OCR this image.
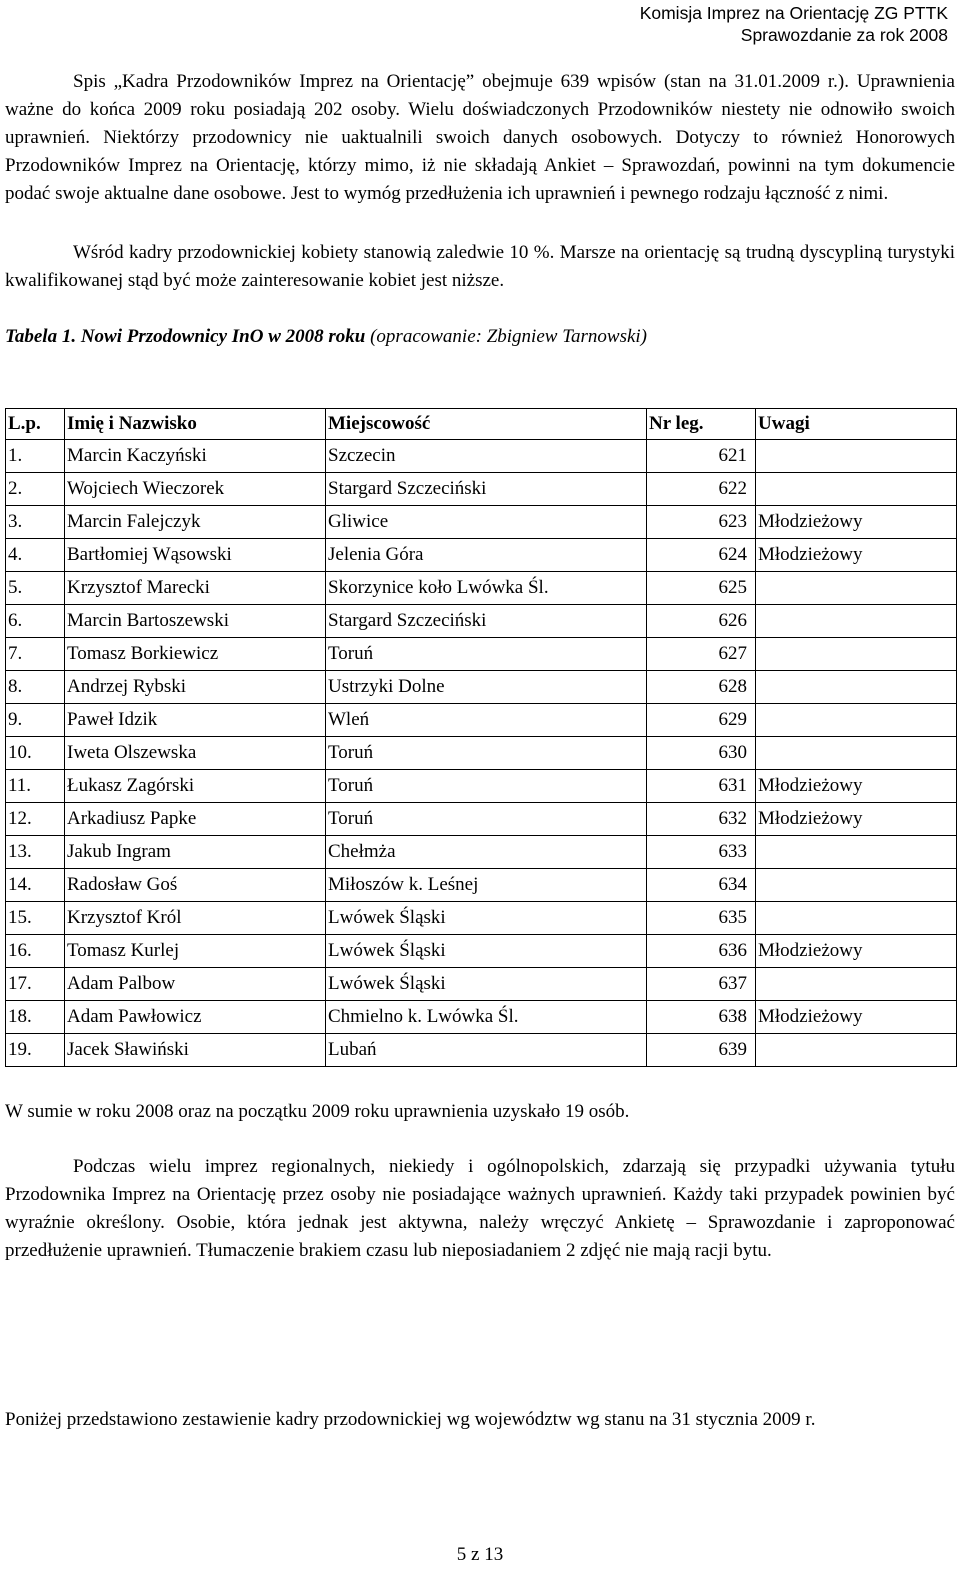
Komisja Imprez na Orientację ZG PTTK
Sprawozdanie za rok 2008

Spis „Kadra Przodowników Imprez na Orientację” obejmuje 639 wpisów (stan na 31.01.2009 r.). Uprawnienia ważne do końca 2009 roku posiadają 202 osoby. Wielu doświadczonych Przodowników niestety nie odnowiło swoich uprawnień. Niektórzy przodownicy nie uaktualnili swoich danych osobowych. Dotyczy to również Honorowych Przodowników Imprez na Orientację, którzy mimo, iż nie składają Ankiet – Sprawozdań, powinni na tym dokumencie podać swoje aktualne dane osobowe. Jest to wymóg przedłużenia ich uprawnień i pewnego rodzaju łączność z nimi.

Wśród kadry przodownickiej kobiety stanowią zaledwie 10 %. Marsze na orientację są trudną dyscypliną turystyki kwalifikowanej stąd być może zainteresowanie kobiet jest niższe.

Tabela 1. Nowi Przodownicy InO w 2008 roku (opracowanie: Zbigniew Tarnowski)
L.p.	Imię i Nazwisko	Miejscowość	Nr leg.	Uwagi
1.	Marcin Kaczyński	Szczecin	621	
2.	Wojciech Wieczorek	Stargard Szczeciński	622	
3.	Marcin Falejczyk	Gliwice	623	Młodzieżowy
4.	Bartłomiej Wąsowski	Jelenia Góra	624	Młodzieżowy
5.	Krzysztof Marecki	Skorzynice koło Lwówka Śl.	625	
6.	Marcin Bartoszewski	Stargard Szczeciński	626	
7.	Tomasz Borkiewicz	Toruń	627	
8.	Andrzej Rybski	Ustrzyki Dolne	628	
9.	Paweł Idzik	Wleń	629	
10.	Iweta Olszewska	Toruń	630	
11.	Łukasz Zagórski	Toruń	631	Młodzieżowy
12.	Arkadiusz Papke	Toruń	632	Młodzieżowy
13.	Jakub Ingram	Chełmża	633	
14.	Radosław Goś	Miłoszów k. Leśnej	634	
15.	Krzysztof Król	Lwówek Śląski	635	
16.	Tomasz Kurlej	Lwówek Śląski	636	Młodzieżowy
17.	Adam Palbow	Lwówek Śląski	637	
18.	Adam Pawłowicz	Chmielno k. Lwówka Śl.	638	Młodzieżowy
19.	Jacek Sławiński	Lubań	639	

W sumie w roku 2008 oraz na początku 2009 roku uprawnienia uzyskało 19 osób.

Podczas wielu imprez regionalnych, niekiedy i ogólnopolskich, zdarzają się przypadki używania tytułu Przodownika Imprez na Orientację przez osoby nie posiadające ważnych uprawnień. Każdy taki przypadek powinien być wyraźnie określony. Osobie, która jednak jest aktywna, należy wręczyć Ankietę – Sprawozdanie i zaproponować przedłużenie uprawnień. Tłumaczenie brakiem czasu lub nieposiadaniem 2 zdjęć nie mają racji bytu.

Poniżej przedstawiono zestawienie kadry przodownickiej wg województw wg stanu na 31 stycznia 2009 r.

5 z 13
